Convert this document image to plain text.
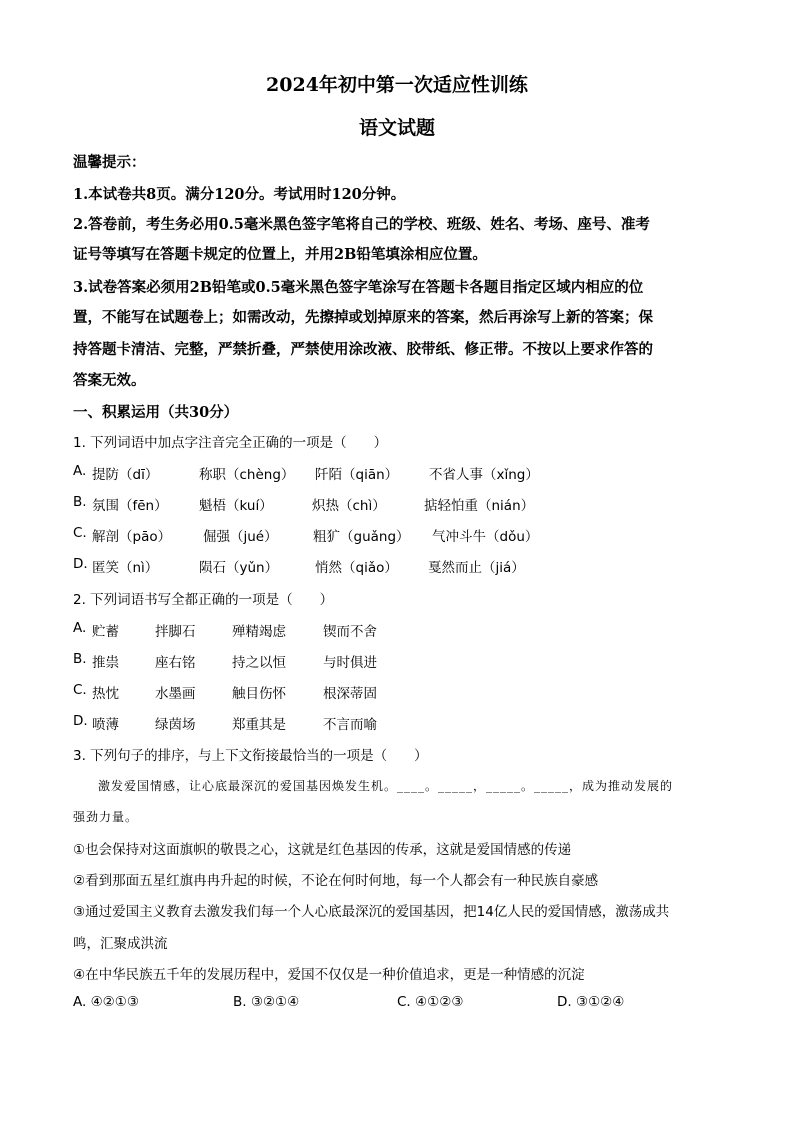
2024年初中第一次适应性训练
语文试题
温馨提示：
1.本试卷共8页。满分120分。考试用时120分钟。
2.答卷前，考生务必用0.5毫米黑色签字笔将自己的学校、班级、姓名、考场、座号、准考
证号等填写在答题卡规定的位置上，并用2B铅笔填涂相应位置。
3.试卷答案必须用2B铅笔或0.5毫米黑色签字笔涂写在答题卡各题目指定区域内相应的位
置，不能写在试题卷上；如需改动，先擦掉或划掉原来的答案，然后再涂写上新的答案；保
持答题卡清洁、完整，严禁折叠，严禁使用涂改液、胶带纸、修正带。不按以上要求作答的
答案无效。
一、积累运用（共30分）
1. 下列词语中加点字注音完全正确的一项是（　　）
A. 提防（dī）	称职（chèng） 阡陌（qiān） 不省人事（xǐng）
B. 氛围（fēn） 魁梧（kuí）	炽热（chì）	掂轻怕重（nián）
C. 解剖（pāo） 倔强（jué）	粗犷（guǎng） 气冲斗牛（dǒu）
D. 匿笑（nì）	陨石（yǔn）	悄然（qiǎo） 戛然而止（jiá）
2. 下列词语书写全都正确的一项是（　　）
A. 贮蓄	拌脚石	殚精竭虑	锲而不舍
B. 推祟	座右铭	持之以恒	与时俱进
C. 热忱	水墨画	触目伤怀	根深蒂固
D. 喷薄	绿茵场	郑重其是	不言而喻
3. 下列句子的排序，与上下文衔接最恰当的一项是（　　）
激发爱国情感，让心底最深沉的爱国基因焕发生机。____。_____，_____。_____，成为推动发展的
强劲力量。
①也会保持对这面旗帜的敬畏之心，这就是红色基因的传承，这就是爱国情感的传递
②看到那面五星红旗冉冉升起的时候，不论在何时何地，每一个人都会有一种民族自豪感
③通过爱国主义教育去激发我们每一个人心底最深沉的爱国基因，把14亿人民的爱国情感，激荡成共
鸣，汇聚成洪流
④在中华民族五千年的发展历程中，爱国不仅仅是一种价值追求，更是一种情感的沉淀
A. ④②①③	B. ③②①④	C. ④①②③	D. ③①②④
